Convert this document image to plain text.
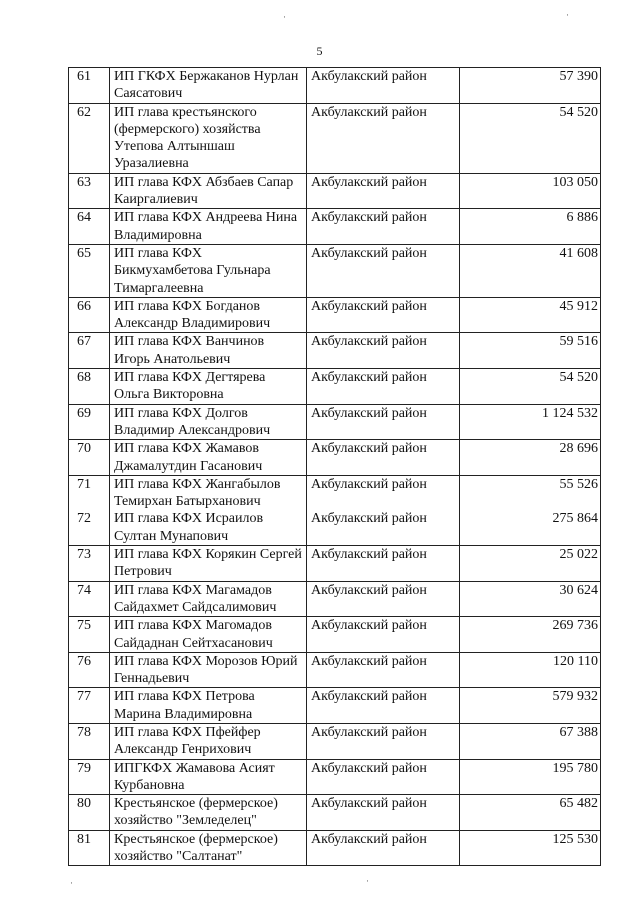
5
·	·
·	·
61	ИП ГКФХ Бержаканов Нурлан Саясатович	Акбулакский район	57 390
62	ИП глава крестьянского (фермерского) хозяйства Утепова Алтыншаш Уразалиевна	Акбулакский район	54 520
63	ИП глава КФХ Абзбаев Сапар Каиргалиевич	Акбулакский район	103 050
64	ИП глава КФХ Андреева Нина Владимировна	Акбулакский район	6 886
65	ИП глава КФХ Бикмухамбетова Гульнара Тимаргалеевна	Акбулакский район	41 608
66	ИП глава КФХ Богданов Александр Владимирович	Акбулакский район	45 912
67	ИП глава КФХ Ванчинов Игорь Анатольевич	Акбулакский район	59 516
68	ИП глава КФХ Дегтярева Ольга Викторовна	Акбулакский район	54 520
69	ИП глава КФХ Долгов Владимир Александрович	Акбулакский район	1 124 532
70	ИП глава КФХ Жамавов Джамалутдин Гасанович	Акбулакский район	28 696
71	ИП глава КФХ Жангабылов Темирхан Батырханович	Акбулакский район	55 526
72	ИП глава КФХ Исраилов Султан Мунапович	Акбулакский район	275 864
73	ИП глава КФХ Корякин Сергей Петрович	Акбулакский район	25 022
74	ИП глава КФХ Магамадов Сайдахмет Сайдсалимович	Акбулакский район	30 624
75	ИП глава КФХ Магомадов Сайдаднан Сейтхасанович	Акбулакский район	269 736
76	ИП глава КФХ Морозов Юрий Геннадьевич	Акбулакский район	120 110
77	ИП глава КФХ Петрова Марина Владимировна	Акбулакский район	579 932
78	ИП глава КФХ Пфейфер Александр Генрихович	Акбулакский район	67 388
79	ИПГКФХ Жамавова Асият Курбановна	Акбулакский район	195 780
80	Крестьянское (фермерское) хозяйство "Земледелец"	Акбулакский район	65 482
81	Крестьянское (фермерское) хозяйство "Салтанат"	Акбулакский район	125 530
